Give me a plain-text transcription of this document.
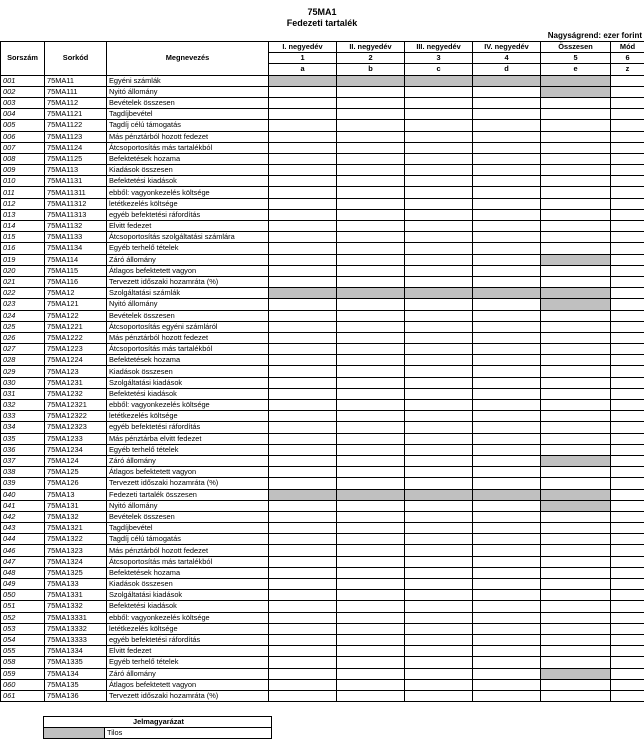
75MA1
Fedezeti tartalék
Nagyságrend: ezer forint
Sorszám	Sorkód	Megnevezés	I. negyedév	II. negyedév	III. negyedév	IV. negyedév	Összesen	Mód
			1	2	3	4	5	6
			a	b	c	d	e	z
001	75MA11	Egyéni számlák						
002	75MA111	Nyitó állomány						
003	75MA112	Bevételek összesen						
004	75MA1121	Tagdíjbevétel						
005	75MA1122	Tagdíj célú támogatás						
006	75MA1123	Más pénztárból hozott fedezet						
007	75MA1124	Átcsoportosítás más tartalékból						
008	75MA1125	Befektetések hozama						
009	75MA113	Kiadások összesen						
010	75MA1131	Befektetési kiadások						
011	75MA11311	ebből: vagyonkezelés költsége						
012	75MA11312	letétkezelés költsége						
013	75MA11313	egyéb befektetési ráfordítás						
014	75MA1132	Elvitt fedezet						
015	75MA1133	Átcsoportosítás szolgáltatási számlára						
016	75MA1134	Egyéb terhelő tételek						
019	75MA114	Záró állomány						
020	75MA115	Átlagos befektetett vagyon						
021	75MA116	Tervezett időszaki hozamráta (%)						
022	75MA12	Szolgáltatási számlák						
023	75MA121	Nyitó állomány						
024	75MA122	Bevételek összesen						
025	75MA1221	Átcsoportosítás egyéni számláról						
026	75MA1222	Más pénztárból hozott fedezet						
027	75MA1223	Átcsoportosítás más tartalékból						
028	75MA1224	Befektetések hozama						
029	75MA123	Kiadások összesen						
030	75MA1231	Szolgáltatási kiadások						
031	75MA1232	Befektetési kiadások						
032	75MA12321	ebből: vagyonkezelés költsége						
033	75MA12322	letétkezelés költsége						
034	75MA12323	egyéb befektetési ráfordítás						
035	75MA1233	Más pénztárba elvitt fedezet						
036	75MA1234	Egyéb terhelő tételek						
037	75MA124	Záró állomány						
038	75MA125	Átlagos befektetett vagyon						
039	75MA126	Tervezett időszaki hozamráta (%)						
040	75MA13	Fedezeti tartalék összesen						
041	75MA131	Nyitó állomány						
042	75MA132	Bevételek összesen						
043	75MA1321	Tagdíjbevétel						
044	75MA1322	Tagdíj célú támogatás						
046	75MA1323	Más pénztárból hozott fedezet						
047	75MA1324	Átcsoportosítás más tartalékból						
048	75MA1325	Befektetések hozama						
049	75MA133	Kiadások összesen						
050	75MA1331	Szolgáltatási kiadások						
051	75MA1332	Befektetési kiadások						
052	75MA13331	ebből: vagyonkezelés költsége						
053	75MA13332	letétkezelés költsége						
054	75MA13333	egyéb befektetési ráfordítás						
055	75MA1334	Elvitt fedezet						
058	75MA1335	Egyéb terhelő tételek						
059	75MA134	Záró állomány						
060	75MA135	Átlagos befektetett vagyon						
061	75MA136	Tervezett időszaki hozamráta (%)						
Jelmagyarázat
	Tilos
